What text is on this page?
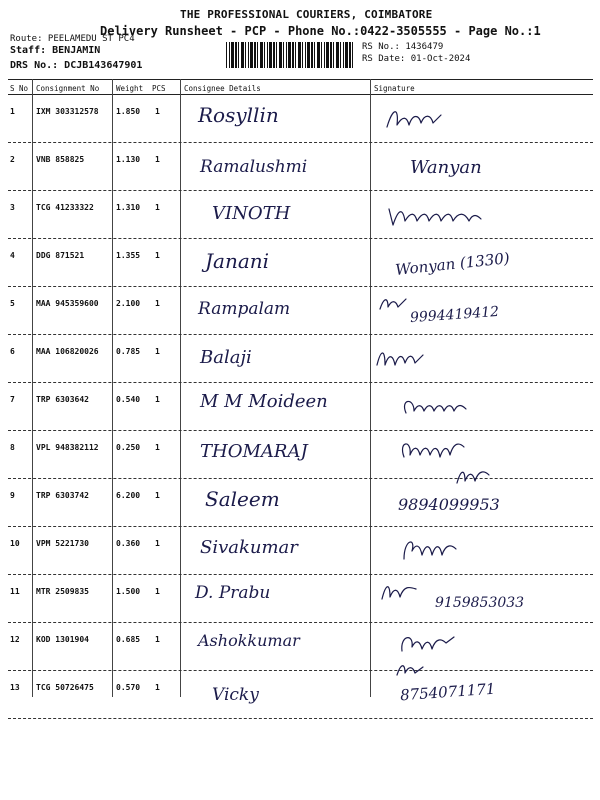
THE PROFESSIONAL COURIERS, COIMBATORE
Delivery Runsheet - PCP - Phone No.:0422-3505555 - Page No.:1
Route: PEELAMEDU ST PC4
Staff: BENJAMIN
DRS No.: DCJB143647901
RS No.: 1436479
RS Date: 01-Oct-2024
S No Consignment No Weight PCS Consignee Details	Signature
1	IXM 303312578 1.850 1 Rosyllin
2	VNB 858825	1.130 1 Ramalushmi	Wanyan
3	TCG 41233322	1.310 1	VINOTH
4	DDG 871521	1.355 1 Janani	Wonyan (1330)
5	MAA 945359600 2.100 1 Rampalam	9994419412
6	MAA 106820026 0.785 1 Balaji
7	TRP 6303642	0.540 1 M M Moideen
8	VPL 948382112 0.250 1 THOMARAJ
9	TRP 6303742	6.200 1 Saleem	9894099953
10 VPM 5221730	0.360 1 Sivakumar
11 MTR 2509835	1.500 1 D. Prabu	9159853033
12 KOD 1301904	0.685 1 Ashokkumar
13 TCG 50726475	0.570 1	Vicky	8754071171
